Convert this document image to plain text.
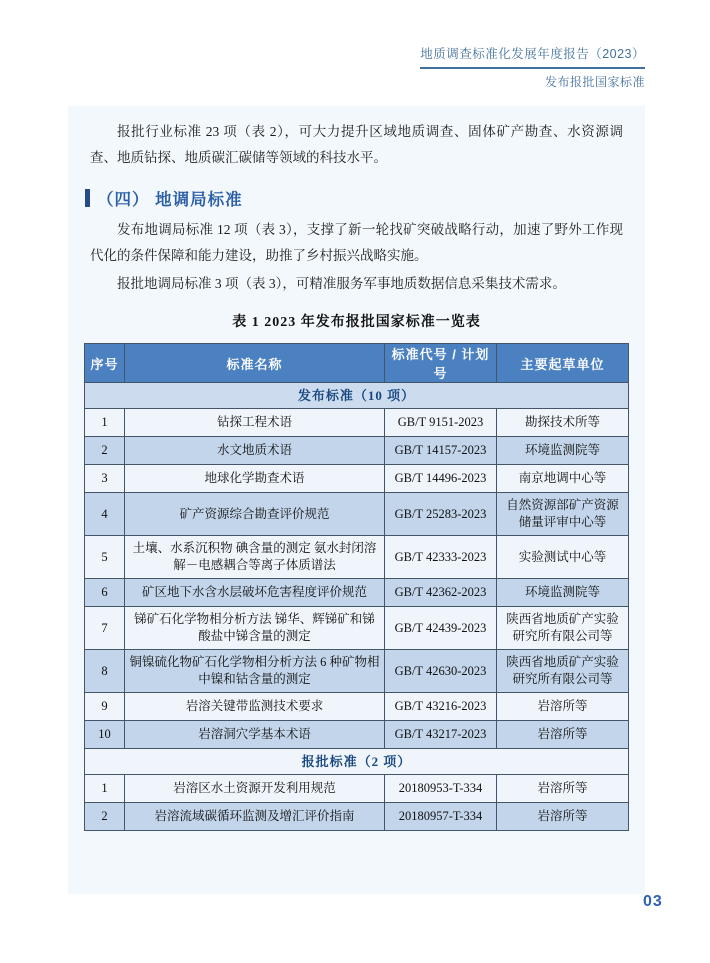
地质调查标准化发展年度报告（2023）
发布报批国家标准

报批行业标准 23 项（表 2），可大力提升区域地质调查、固体矿产勘查、水资源调查、地质钻探、地质碳汇碳储等领域的科技水平。

（四） 地调局标准

发布地调局标准 12 项（表 3），支撑了新一轮找矿突破战略行动，加速了野外工作现代化的条件保障和能力建设，助推了乡村振兴战略实施。

报批地调局标准 3 项（表 3），可精准服务军事地质数据信息采集技术需求。

表 1 2023 年发布报批国家标准一览表
序号	标准名称	标准代号 / 计划号	主要起草单位
发布标准（10 项）			
1	钻探工程术语	GB/T 9151-2023	勘探技术所等
2	水文地质术语	GB/T 14157-2023	环境监测院等
3	地球化学勘查术语	GB/T 14496-2023	南京地调中心等
4	矿产资源综合勘查评价规范	GB/T 25283-2023	自然资源部矿产资源储量评审中心等
5	土壤、水系沉积物 碘含量的测定 氨水封闭溶解－电感耦合等离子体质谱法	GB/T 42333-2023	实验测试中心等
6	矿区地下水含水层破坏危害程度评价规范	GB/T 42362-2023	环境监测院等
7	锑矿石化学物相分析方法 锑华、辉锑矿和锑酸盐中锑含量的测定	GB/T 42439-2023	陕西省地质矿产实验研究所有限公司等
8	铜镍硫化物矿石化学物相分析方法 6 种矿物相中镍和钴含量的测定	GB/T 42630-2023	陕西省地质矿产实验研究所有限公司等
9	岩溶关键带监测技术要求	GB/T 43216-2023	岩溶所等
10	岩溶洞穴学基本术语	GB/T 43217-2023	岩溶所等
报批标准（2 项）			
1	岩溶区水土资源开发利用规范	20180953-T-334	岩溶所等
2	岩溶流域碳循环监测及增汇评价指南	20180957-T-334	岩溶所等
03
